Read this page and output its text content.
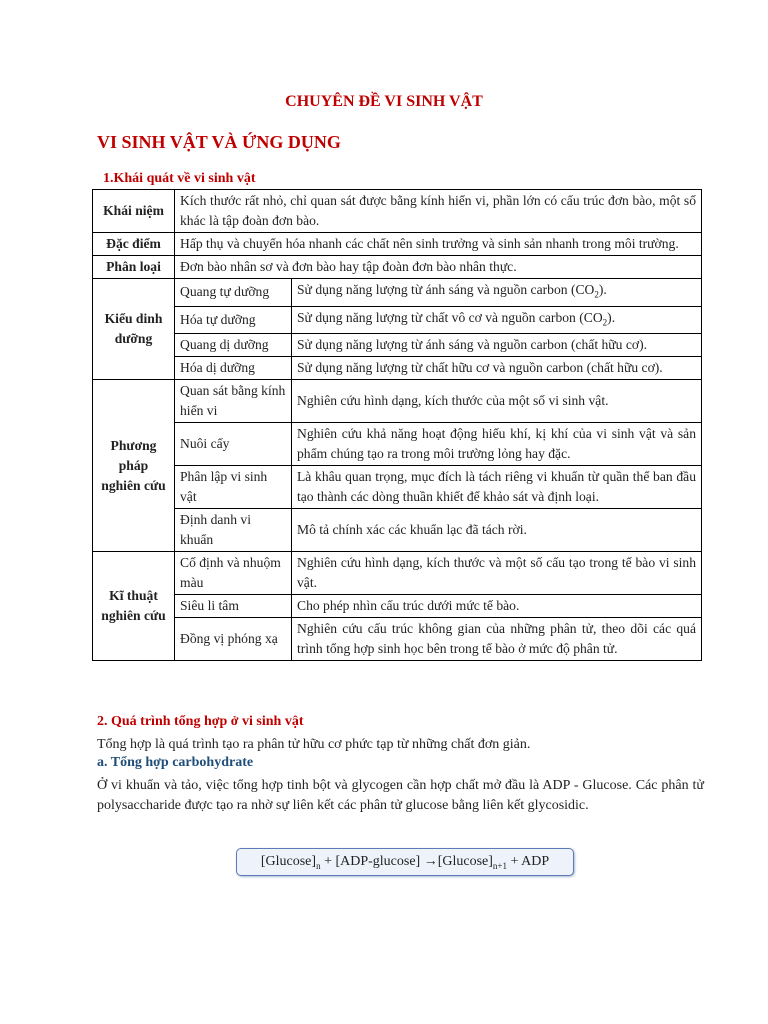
CHUYÊN ĐỀ VI SINH VẬT
VI SINH VẬT VÀ ỨNG DỤNG
1.Khái quát về vi sinh vật
Khái niệm	Kích thước rất nhỏ, chỉ quan sát được bằng kính hiển vi, phần lớn có cấu trúc đơn bào, một số khác là tập đoàn đơn bào.	
Đặc điểm	Hấp thụ và chuyển hóa nhanh các chất nên sinh trưởng và sinh sản nhanh trong môi trường.	
Phân loại	Đơn bào nhân sơ và đơn bào hay tập đoàn đơn bào nhân thực.	
Kiểu dinh dưỡng	Quang tự dưỡng	Sử dụng năng lượng từ ánh sáng và nguồn carbon $(CO_2)$.
	Hóa tự dưỡng	Sử dụng năng lượng từ chất vô cơ và nguồn carbon $(CO_2)$.
	Quang dị dưỡng	Sử dụng năng lượng từ ánh sáng và nguồn carbon (chất hữu cơ).
	Hóa dị dưỡng	Sử dụng năng lượng từ chất hữu cơ và nguồn carbon (chất hữu cơ).
Phương pháp nghiên cứu	Quan sát bằng kính hiển vi	Nghiên cứu hình dạng, kích thước của một số vi sinh vật.
	Nuôi cấy	Nghiên cứu khả năng hoạt động hiếu khí, kị khí của vi sinh vật và sản phẩm chúng tạo ra trong môi trường lỏng hay đặc.
	Phân lập vi sinh vật	Là khâu quan trọng, mục đích là tách riêng vi khuẩn từ quần thể ban đầu tạo thành các dòng thuần khiết để khảo sát và định loại.
	Định danh vi khuẩn	Mô tả chính xác các khuẩn lạc đã tách rời.
Kĩ thuật nghiên cứu	Cố định và nhuộm màu	Nghiên cứu hình dạng, kích thước và một số cấu tạo trong tế bào vi sinh vật.
	Siêu li tâm	Cho phép nhìn cấu trúc dưới mức tế bào.
	Đồng vị phóng xạ	Nghiên cứu cấu trúc không gian của những phân tử, theo dõi các quá trình tổng hợp sinh học bên trong tế bào ở mức độ phân tử.
2. Quá trình tổng hợp ở vi sinh vật
Tổng hợp là quá trình tạo ra phân tử hữu cơ phức tạp từ những chất đơn giản.
a. Tổng hợp carbohydrate
Ở vi khuẩn và tảo, việc tổng hợp tinh bột và glycogen cần hợp chất mở đầu là ADP - Glucose. Các phân tử polysaccharide được tạo ra nhờ sự liên kết các phân tử glucose bằng liên kết glycosidic.
$[Glucose]_n + [ADP-glucose] \to[Glucose]_{n+1}$ + ADP
